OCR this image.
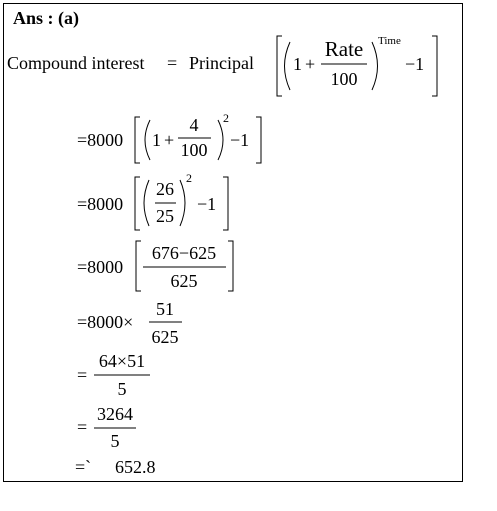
Ans : (a)
Compound interest = Principal 1 +
Rate
100
Time
−1
=8000 1 +
4
100
2
−1
=8000
26
25
2
−1
=8000
676−625
625
=8000×
51
625
=
64×51
5
=
3264
5
=` 652.8
